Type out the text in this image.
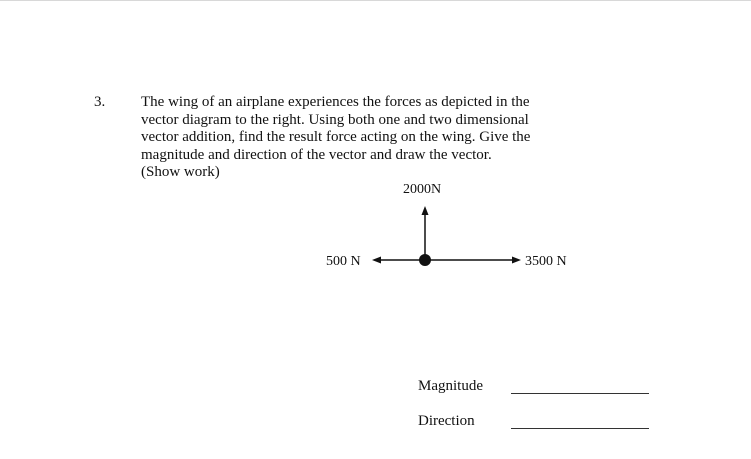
3. The wing of an airplane experiences the forces as depicted in the
vector diagram to the right. Using both one and two dimensional
vector addition, find the result force acting on the wing. Give the
magnitude and direction of the vector and draw the vector.
(Show work)
2000N
500 N	3500 N
Magnitude
Direction
